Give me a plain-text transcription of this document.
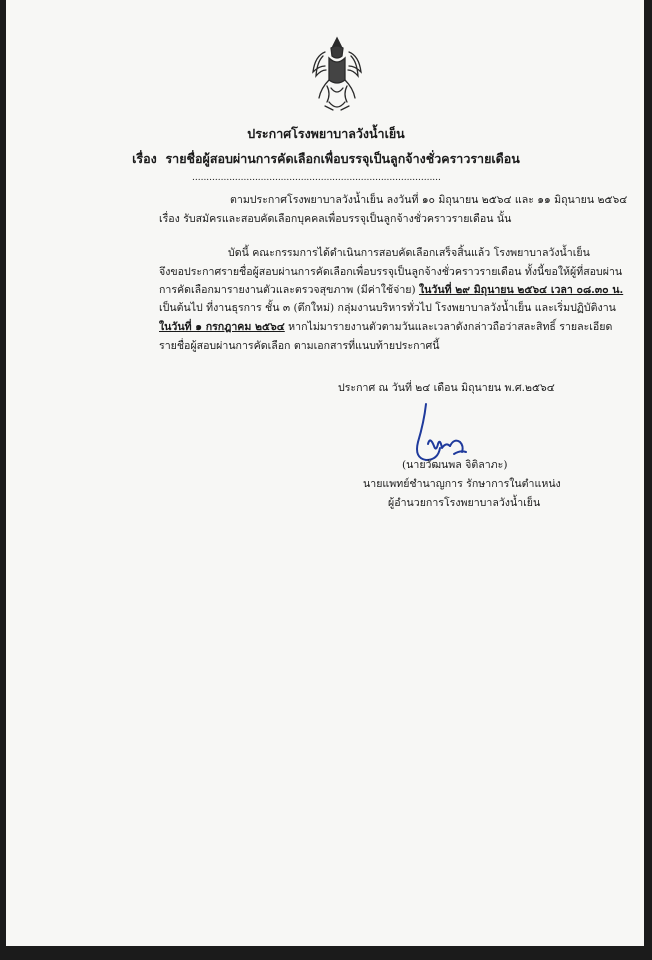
ประกาศโรงพยาบาลวังน้ำเย็น
เรื่อง รายชื่อผู้สอบผ่านการคัดเลือกเพื่อบรรจุเป็นลูกจ้างชั่วคราวรายเดือน
.......................................................................................
ตามประกาศโรงพยาบาลวังน้ำเย็น ลงวันที่ ๑๐ มิถุนายน ๒๕๖๔ และ ๑๑ มิถุนายน ๒๕๖๔
เรื่อง รับสมัครและสอบคัดเลือกบุคคลเพื่อบรรจุเป็นลูกจ้างชั่วคราวรายเดือน นั้น
บัดนี้ คณะกรรมการได้ดำเนินการสอบคัดเลือกเสร็จสิ้นแล้ว โรงพยาบาลวังน้ำเย็น
จึงขอประกาศรายชื่อผู้สอบผ่านการคัดเลือกเพื่อบรรจุเป็นลูกจ้างชั่วคราวรายเดือน ทั้งนี้ขอให้ผู้ที่สอบผ่าน
การคัดเลือกมารายงานตัวและตรวจสุขภาพ (มีค่าใช้จ่าย) ในวันที่ ๒๙ มิถุนายน ๒๕๖๔ เวลา ๐๘.๓๐ น.
เป็นต้นไป ที่งานธุรการ ชั้น ๓ (ตึกใหม่) กลุ่มงานบริหารทั่วไป โรงพยาบาลวังน้ำเย็น และเริ่มปฏิบัติงาน
ในวันที่ ๑ กรกฎาคม ๒๕๖๔ หากไม่มารายงานตัวตามวันและเวลาดังกล่าวถือว่าสละสิทธิ์ รายละเอียด
รายชื่อผู้สอบผ่านการคัดเลือก ตามเอกสารที่แนบท้ายประกาศนี้
ประกาศ ณ วันที่ ๒๔ เดือน มิถุนายน พ.ศ.๒๕๖๔
(นายวัฒนพล จิติลาภะ)
นายแพทย์ชำนาญการ รักษาการในตำแหน่ง
ผู้อำนวยการโรงพยาบาลวังน้ำเย็น
